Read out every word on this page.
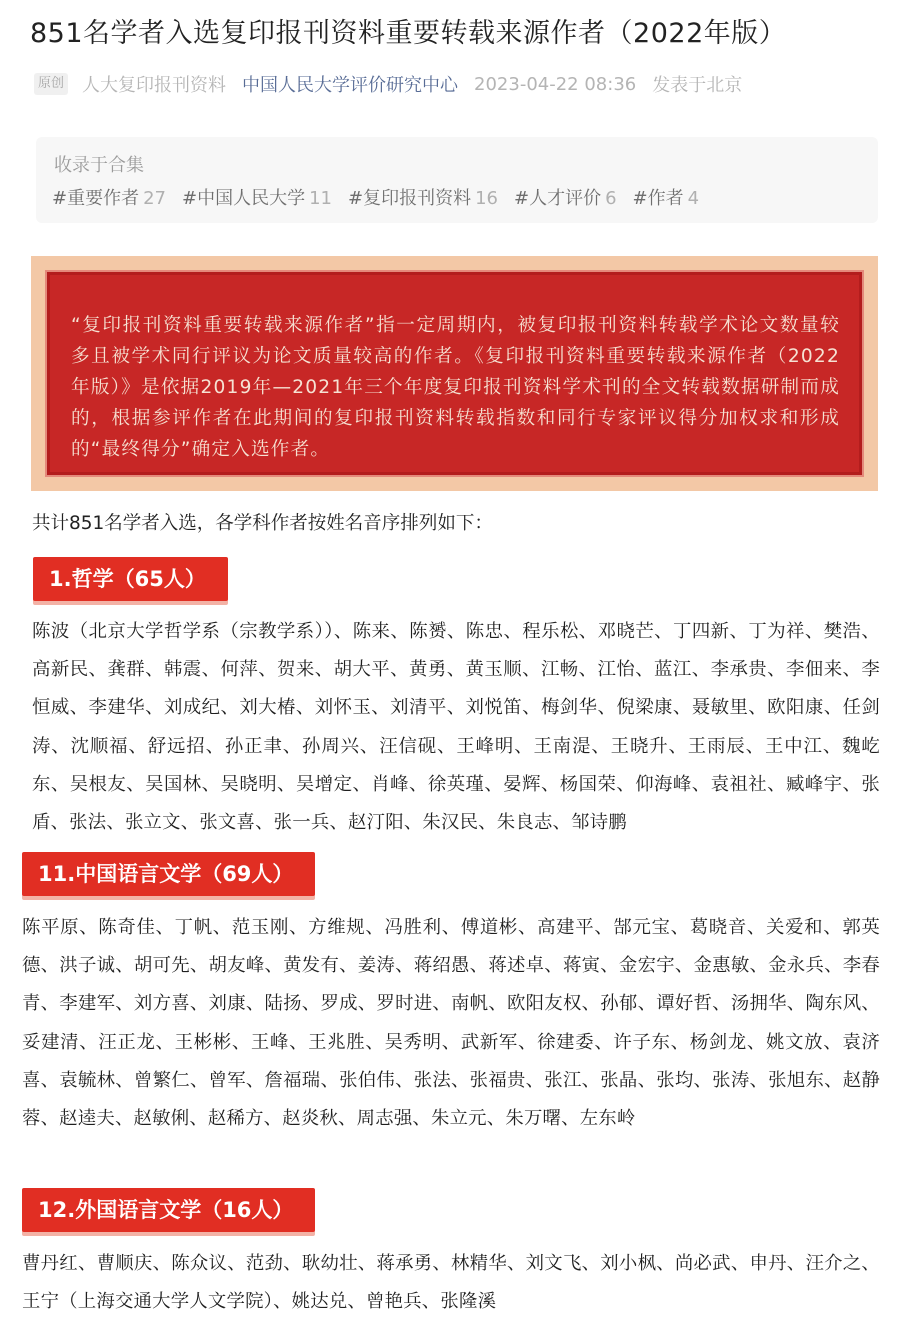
851名学者入选复印报刊资料重要转载来源作者（2022年版）
原创 人大复印报刊资料 中国人民大学评价研究中心 2023-04-22 08:36 发表于北京
收录于合集
#重要作者 27 #中国人民大学 11 #复印报刊资料 16 #人才评价 6 #作者 4
“复印报刊资料重要转载来源作者”指一定周期内，被复印报刊资料转载学术论文数量较多且被学术同行评议为论文质量较高的作者。《复印报刊资料重要转载来源作者（2022年版）》是依据2019年—2021年三个年度复印报刊资料学术刊的全文转载数据研制而成的，根据参评作者在此期间的复印报刊资料转载指数和同行专家评议得分加权求和形成的“最终得分”确定入选作者。
共计851名学者入选，各学科作者按姓名音序排列如下：
1.哲学（65人）
陈波（北京大学哲学系（宗教学系））、陈来、陈赟、陈忠、程乐松、邓晓芒、丁四新、丁为祥、樊浩、高新民、龚群、韩震、何萍、贺来、胡大平、黄勇、黄玉顺、江畅、江怡、蓝江、李承贵、李佃来、李恒威、李建华、刘成纪、刘大椿、刘怀玉、刘清平、刘悦笛、梅剑华、倪梁康、聂敏里、欧阳康、任剑涛、沈顺福、舒远招、孙正聿、孙周兴、汪信砚、王峰明、王南湜、王晓升、王雨辰、王中江、魏屹东、吴根友、吴国林、吴晓明、吴增定、肖峰、徐英瑾、晏辉、杨国荣、仰海峰、袁祖社、臧峰宇、张盾、张法、张立文、张文喜、张一兵、赵汀阳、朱汉民、朱良志、邹诗鹏
11.中国语言文学（69人）
陈平原、陈奇佳、丁帆、范玉刚、方维规、冯胜利、傅道彬、高建平、郜元宝、葛晓音、关爱和、郭英德、洪子诚、胡可先、胡友峰、黄发有、姜涛、蒋绍愚、蒋述卓、蒋寅、金宏宇、金惠敏、金永兵、李春青、李建军、刘方喜、刘康、陆扬、罗成、罗时进、南帆、欧阳友权、孙郁、谭好哲、汤拥华、陶东风、妥建清、汪正龙、王彬彬、王峰、王兆胜、吴秀明、武新军、徐建委、许子东、杨剑龙、姚文放、袁济喜、袁毓林、曾繁仁、曾军、詹福瑞、张伯伟、张法、张福贵、张江、张晶、张均、张涛、张旭东、赵静蓉、赵逵夫、赵敏俐、赵稀方、赵炎秋、周志强、朱立元、朱万曙、左东岭
12.外国语言文学（16人）
曹丹红、曹顺庆、陈众议、范劲、耿幼壮、蒋承勇、林精华、刘文飞、刘小枫、尚必武、申丹、汪介之、王宁（上海交通大学人文学院）、姚达兑、曾艳兵、张隆溪
